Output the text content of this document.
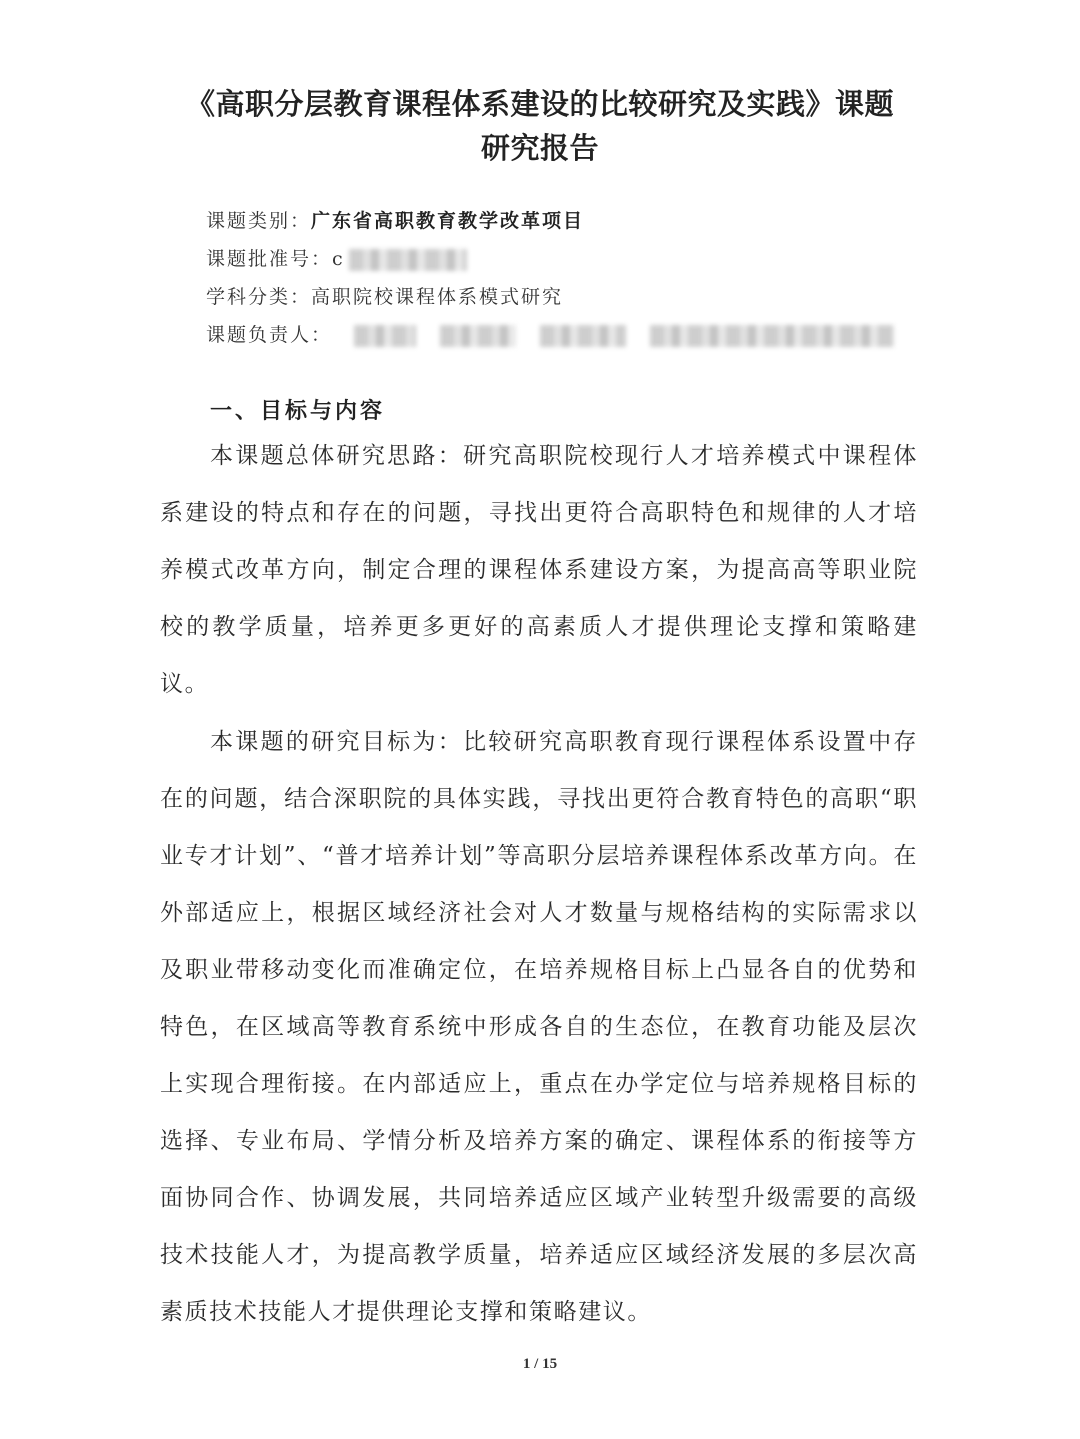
《高职分层教育课程体系建设的比较研究及实践》课题
研究报告
课题类别：广东省高职教育教学改革项目
课题批准号：c
学科分类：高职院校课程体系模式研究
课题负责人：
一、目标与内容

本课题总体研究思路：研究高职院校现行人才培养模式中课程体系建设的特点和存在的问题，寻找出更符合高职特色和规律的人才培养模式改革方向，制定合理的课程体系建设方案，为提高高等职业院校的教学质量，培养更多更好的高素质人才提供理论支撑和策略建议。

本课题的研究目标为：比较研究高职教育现行课程体系设置中存在的问题，结合深职院的具体实践，寻找出更符合教育特色的高职“职业专才计划”、“普才培养计划”等高职分层培养课程体系改革方向。在外部适应上，根据区域经济社会对人才数量与规格结构的实际需求以及职业带移动变化而准确定位，在培养规格目标上凸显各自的优势和特色，在区域高等教育系统中形成各自的生态位，在教育功能及层次上实现合理衔接。在内部适应上，重点在办学定位与培养规格目标的选择、专业布局、学情分析及培养方案的确定、课程体系的衔接等方面协同合作、协调发展，共同培养适应区域产业转型升级需要的高级技术技能人才，为提高教学质量，培养适应区域经济发展的多层次高素质技术技能人才提供理论支撑和策略建议。

1 / 15
